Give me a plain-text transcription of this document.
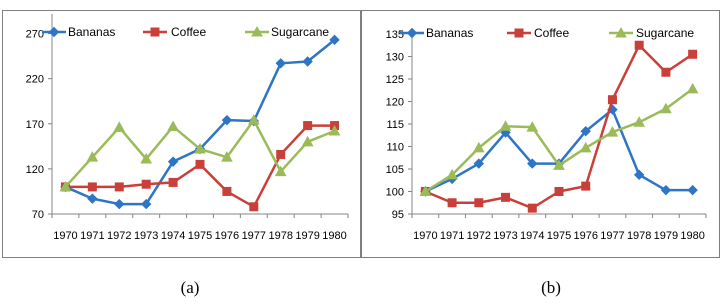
70
120
170
220
270
1970 1971 1972 1973 1974 1975 1976 1977 1978 1979 1980
Bananas	Coffee	Sugarcane
(a)
95
100
105
110
115
120
125
130
135
1970 1971 1972 1973 1974 1975 1976 1977 1978 1979 1980
Bananas	Coffee	Sugarcane
(b)
